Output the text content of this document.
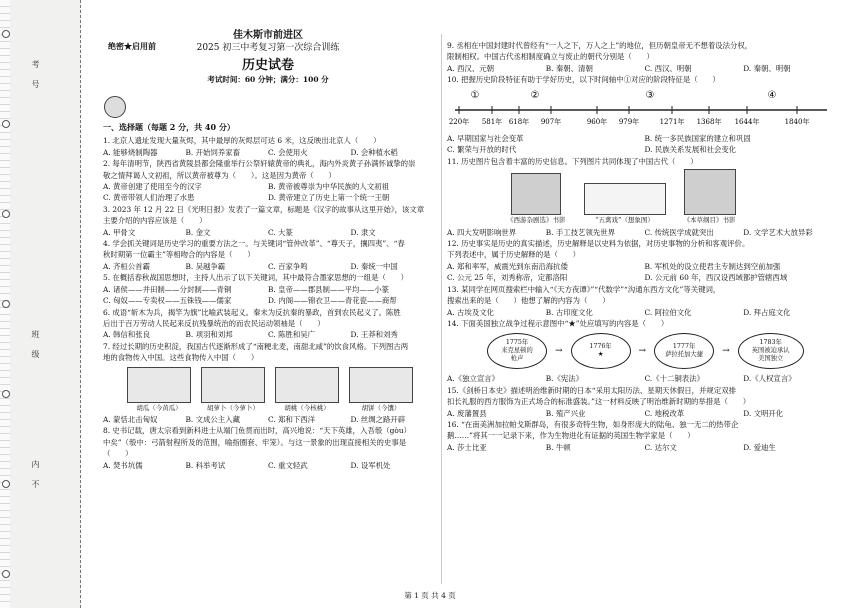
考
号
班
级
内
不
绝密★启用前
佳木斯市前进区
2025 初三中考复习第一次综合训练
历史试卷
考试时间：60 分钟；满分：100 分
一、选择题（每题 2 分，共 40 分）

1. 北京人遗址发现大量灰烬，其中最厚的灰烬层可达 6 米，这反映出北京人（　　）

A. 能够烧制陶器	B. 开始饲养家畜	C. 会使用火	D. 会种植水稻

2. 每年清明节，陕西省黄陵县都会隆重举行公祭轩辕黄帝的典礼，海内外炎黄子孙满怀诚挚的崇

敬之情拜谒人文初祖，所以黄帝被尊为（　　）。这是因为黄帝（　　）

A. 黄帝创建了使用至今的汉字	B. 黄帝被尊崇为中华民族的人文初祖
C. 黄帝带领人们治理了水患	D. 黄帝建立了历史上第一个统一王朝

3. 2023 年 12 月 22 日《光明日报》发表了一篇文章，标题是《汉字的故事从这里开始》，该文章

主要介绍的内容应该是（　　）

A. 甲骨文	B. 金文	C. 大篆	D. 隶文

4. 学会抓关键词是历史学习的重要方法之一。与关键词“管仲改革”、“尊天子，攘四夷”、“春

秋时期第一位霸主”等相吻合的内容是（　　）

A. 齐桓公首霸	B. 吴越争霸	C. 百家争鸣	D. 秦统一中国

5. 在概括春秋战国思想时，主持人出示了以下关键词，其中最符合墨家思想的一组是（　　）

A. 诸侯——井田制——分封制——青铜	B. 皇帝——郡县制——平均——小篆
C. 匈奴——专卖权——五铢钱——儒家	D. 内阁——锦衣卫——青花瓷——商帮

6. 成语“斩木为兵，揭竿为旗”比喻武装起义。秦末为反抗秦的暴政，首到农民起义了。陈胜

后出于百万劳动人民起来反抗残暴统治的而农民运动领袖是（　　）

A. 韩信和张良	B. 项羽和刘邦	C. 陈胜和吴广	D. 王莽和刘秀

7. 经过长期的历史积淀，我国古代逐渐形成了“南粳北麦，南甜北咸”的饮食风格。下列图古两

地的食物传入中国。这些食物传入中国（　　）

胡瓜（今黄瓜）	胡萝卜（今萝卜）	胡桃（今核桃）	胡饼（今馕）
A. 蒙恬北击匈奴	B. 文成公主入藏	C. 郑和下西洋	D. 丝绸之路开辟

8. 史书记载，唐太宗看到新科进士从端门鱼贯而出时，高兴地说：“天下英雄，入吾彀（gòu）

中矣”（彀中：弓箭射程所及的范围，喻指圈套、牢笼）。与这一景象的出现直接相关的史事是

（　　）

A. 焚书坑儒	B. 科举考试	C. 重文轻武	D. 设军机处

9. 丞相在中国封建时代曾经有“一人之下，万人之上”的地位，但历朝皇帝无不想着设法分权，

限制相权。中国古代丞相制度确立与废止的朝代分别是（　　）

A. 西汉、元朝	B. 秦朝、清朝	C. 西汉、明朝	D. 秦朝、明朝

10. 把握历史阶段特征有助于学好历史，以下时间轴中①对应的阶段特征是（　　）

220年 581年 618年 907年	960年 979年	1271年 1368年 1644年	1840年
①	②	③	④
A. 早期国家与社会变革	B. 统一多民族国家的建立和巩固
C. 繁荣与开放的时代	D. 民族关系发展和社会变化

11. 历史图片包含着丰富的历史信息。下列图片共同体现了中国古代（　　）

《西游杂剧选》书影	“五禽戏”（想象图）	《本草纲目》书影
A. 四大发明影响世界	B. 手工技艺领先世界	C. 传统医学成就突出	D. 文学艺术大放异彩

12. 历史事实是历史的真实描述，历史解释是以史料为依据，对历史事物的分析和客观评价。

下列表述中，属于历史解释的是（　　）

A. 郑和率军，威震光到东南沿海抗倭	B. 军机处的设立使君主专制达到空前加强
C. 公元 25 年，刘秀称帝，定都洛阳	D. 公元前 60 年，西汉设西域都护管辖西域

13. 某同学在网页搜索栏中输入“《天方夜谭》”“代数学”“沟通东西方文化”等关键词，

搜索出来的是（　　）他想了解的内容为（　　）

A. 古埃及文化	B. 古印度文化	C. 阿拉伯文化	D. 拜占庭文化

14. 下面美国独立战争过程示意图中“★”处应填写的内容是（　　）

1775年
来克星顿的
枪声
→	1776年
★	→	1777年
萨拉托加大捷	→
1783年
英国被迫承认
美国独立
A.《独立宣言》	B.《宪法》	C.《十二铜表法》	D.《人权宣言》

15.《剑桥日本史》描述明治维新时期的日本“采用太阳历法、星期天休假日，并规定双排

扣长礼服的西方服饰为正式场合的标准盛装。”这一材料反映了明治维新时期的举措是（　　）

A. 废藩置县	B. 殖产兴业	C. 地税改革	D. 文明开化

16. “在南美洲加拉帕戈斯群岛，有很多奇特生物，如身形庞大的陆龟、独一无二的热带企

鹅……”将其一一记录下来，作为生物进化有证据的英国生物学家是（　　）

A. 莎士比亚	B. 牛顿	C. 达尔文	D. 爱迪生
第 1 页 共 4 页
